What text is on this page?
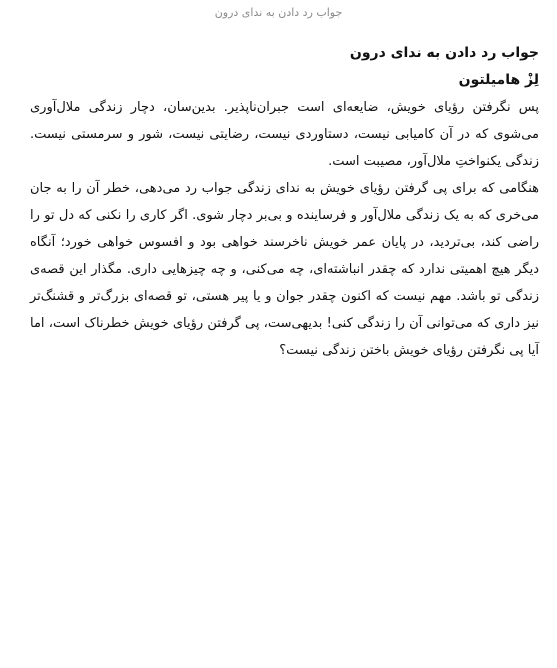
جواب رد دادن به ندای درون
جواب رد دادن به ندای درون
لِزْ هامیلتون

پس نگرفتن رؤیای خویش، ضایعه‌ای است جبران‌ناپذیر. بدین‌سان، دچار زندگی ملال‌آوری می‌شوی که در آن کامیابی نیست، دستاوردی نیست، رضایتی نیست، شور و سرمستی نیست. زندگی یکنواختِ ملال‌آور، مصیبت است.

هنگامی که برای پی گرفتن رؤیای خویش به ندای زندگی جواب رد می‌دهی، خطر آن را به جان می‌خری که به یک زندگی ملال‌آور و فرساینده و بی‌بر دچار شوی. اگر کاری را نکنی که دل تو را راضی کند، بی‌تردید، در پایان عمر خویش ناخرسند خواهی بود و افسوس خواهی خورد؛ آنگاه دیگر هیچ اهمیتی ندارد که چقدر انباشته‌ای، چه می‌کنی، و چه چیزهایی داری. مگذار این قصه‌ی زندگی تو باشد. مهم نیست که اکنون چقدر جوان و یا پیر هستی، تو قصه‌ای بزرگ‌تر و قشنگ‌تر نیز داری که می‌توانی آن را زندگی کنی! بدیهی‌ست، پی گرفتن رؤیای خویش خطرناک است، اما آیا پی نگرفتن رؤیای خویش باختن زندگی نیست؟
